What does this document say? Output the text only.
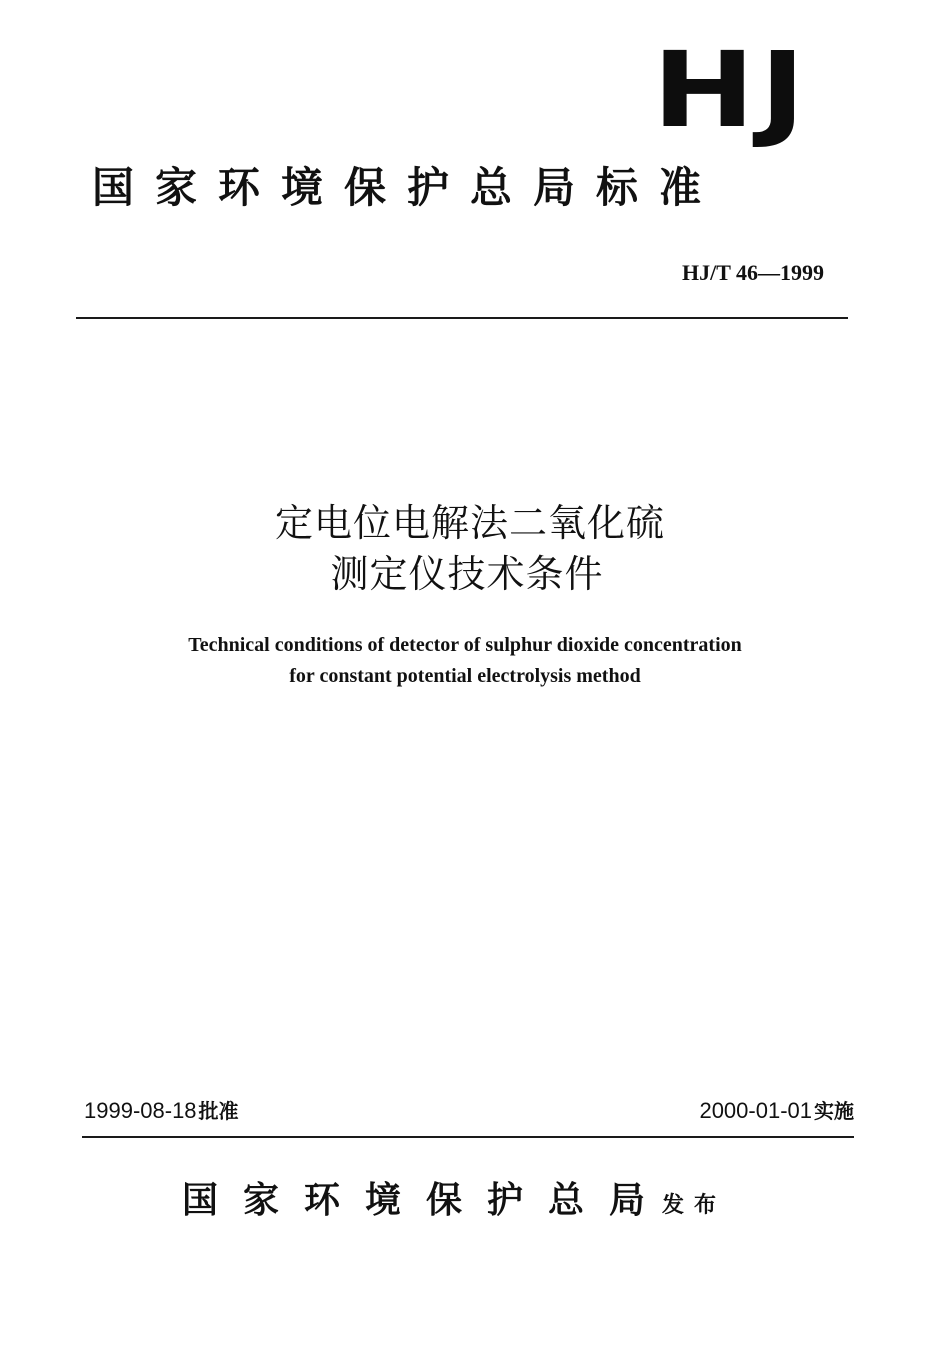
HJ
国家环境保护总局标准
HJ/T 46—1999
定电位电解法二氧化硫
测定仪技术条件
Technical conditions of detector of sulphur dioxide concentration
for constant potential electrolysis method
1999-08-18 批准	2000-01-01 实施
国家环境保护总局发布
